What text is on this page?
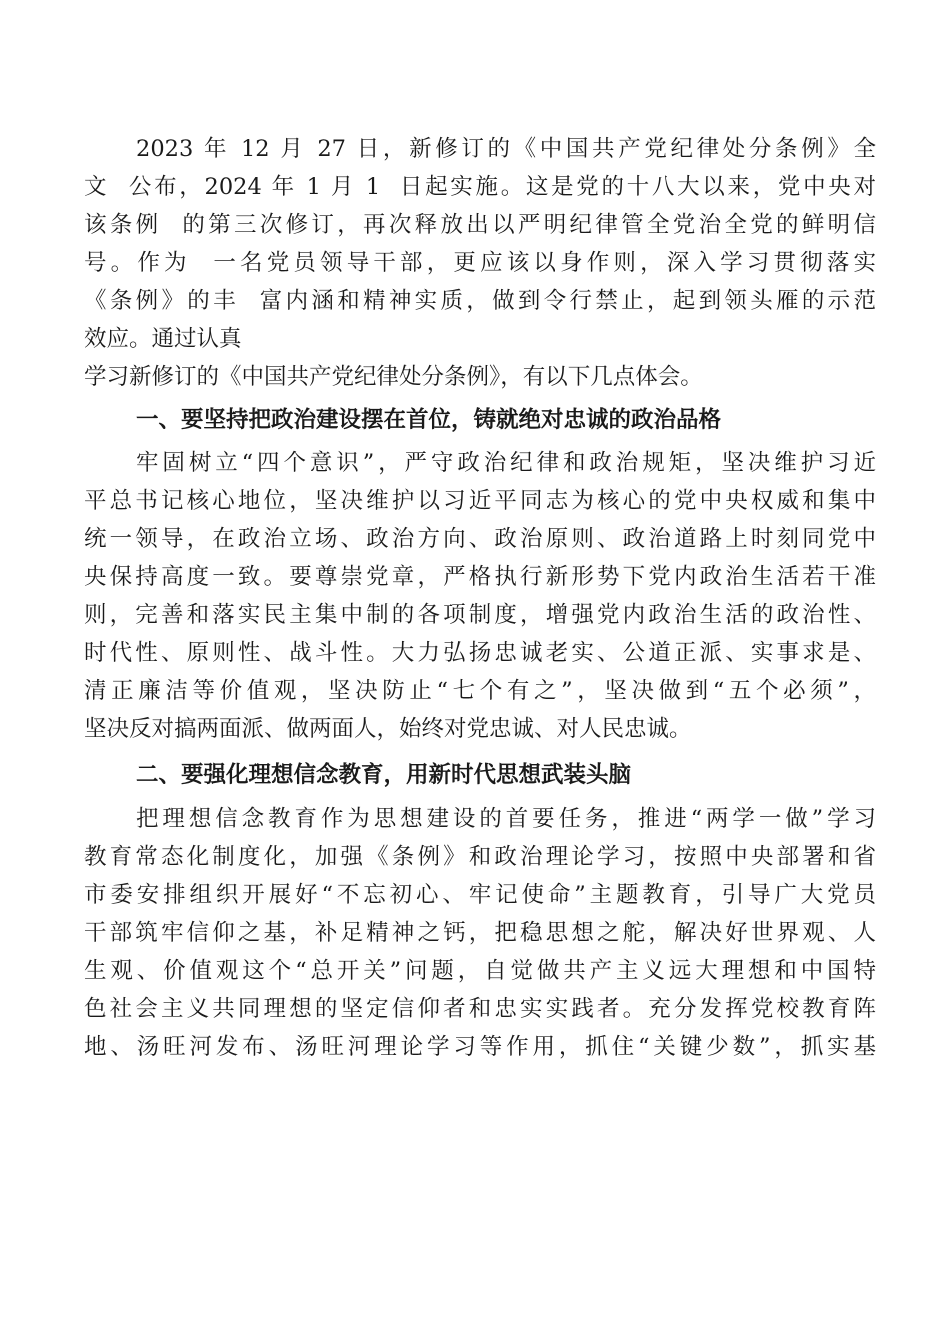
2023 年 12 月 27 日，新修订的《中国共产党纪律处分条例》全
文  公布，2024 年 1 月 1  日起实施。这是党的十八大以来，党中央对
该条例  的第三次修订，再次释放出以严明纪律管全党治全党的鲜明信
号。作为  一名党员领导干部，更应该以身作则，深入学习贯彻落实
《条例》的丰  富内涵和精神实质，做到令行禁止，起到领头雁的示范
效应。通过认真
学习新修订的《中国共产党纪律处分条例》，有以下几点体会。
一、要坚持把政治建设摆在首位，铸就绝对忠诚的政治品格
牢固树立“四个意识”，严守政治纪律和政治规矩，坚决维护习近
平总书记核心地位，坚决维护以习近平同志为核心的党中央权威和集中
统一领导，在政治立场、政治方向、政治原则、政治道路上时刻同党中
央保持高度一致。要尊崇党章，严格执行新形势下党内政治生活若干准
则，完善和落实民主集中制的各项制度，增强党内政治生活的政治性、
时代性、原则性、战斗性。大力弘扬忠诚老实、公道正派、实事求是、
清正廉洁等价值观，坚决防止“七个有之”，坚决做到“五个必须”，
坚决反对搞两面派、做两面人，始终对党忠诚、对人民忠诚。
二、要强化理想信念教育，用新时代思想武装头脑
把理想信念教育作为思想建设的首要任务，推进“两学一做”学习
教育常态化制度化，加强《条例》和政治理论学习，按照中央部署和省
市委安排组织开展好“不忘初心、牢记使命”主题教育，引导广大党员
干部筑牢信仰之基，补足精神之钙，把稳思想之舵，解决好世界观、人
生观、价值观这个“总开关”问题，自觉做共产主义远大理想和中国特
色社会主义共同理想的坚定信仰者和忠实实践者。充分发挥党校教育阵
地、汤旺河发布、汤旺河理论学习等作用，抓住“关键少数”，抓实基
